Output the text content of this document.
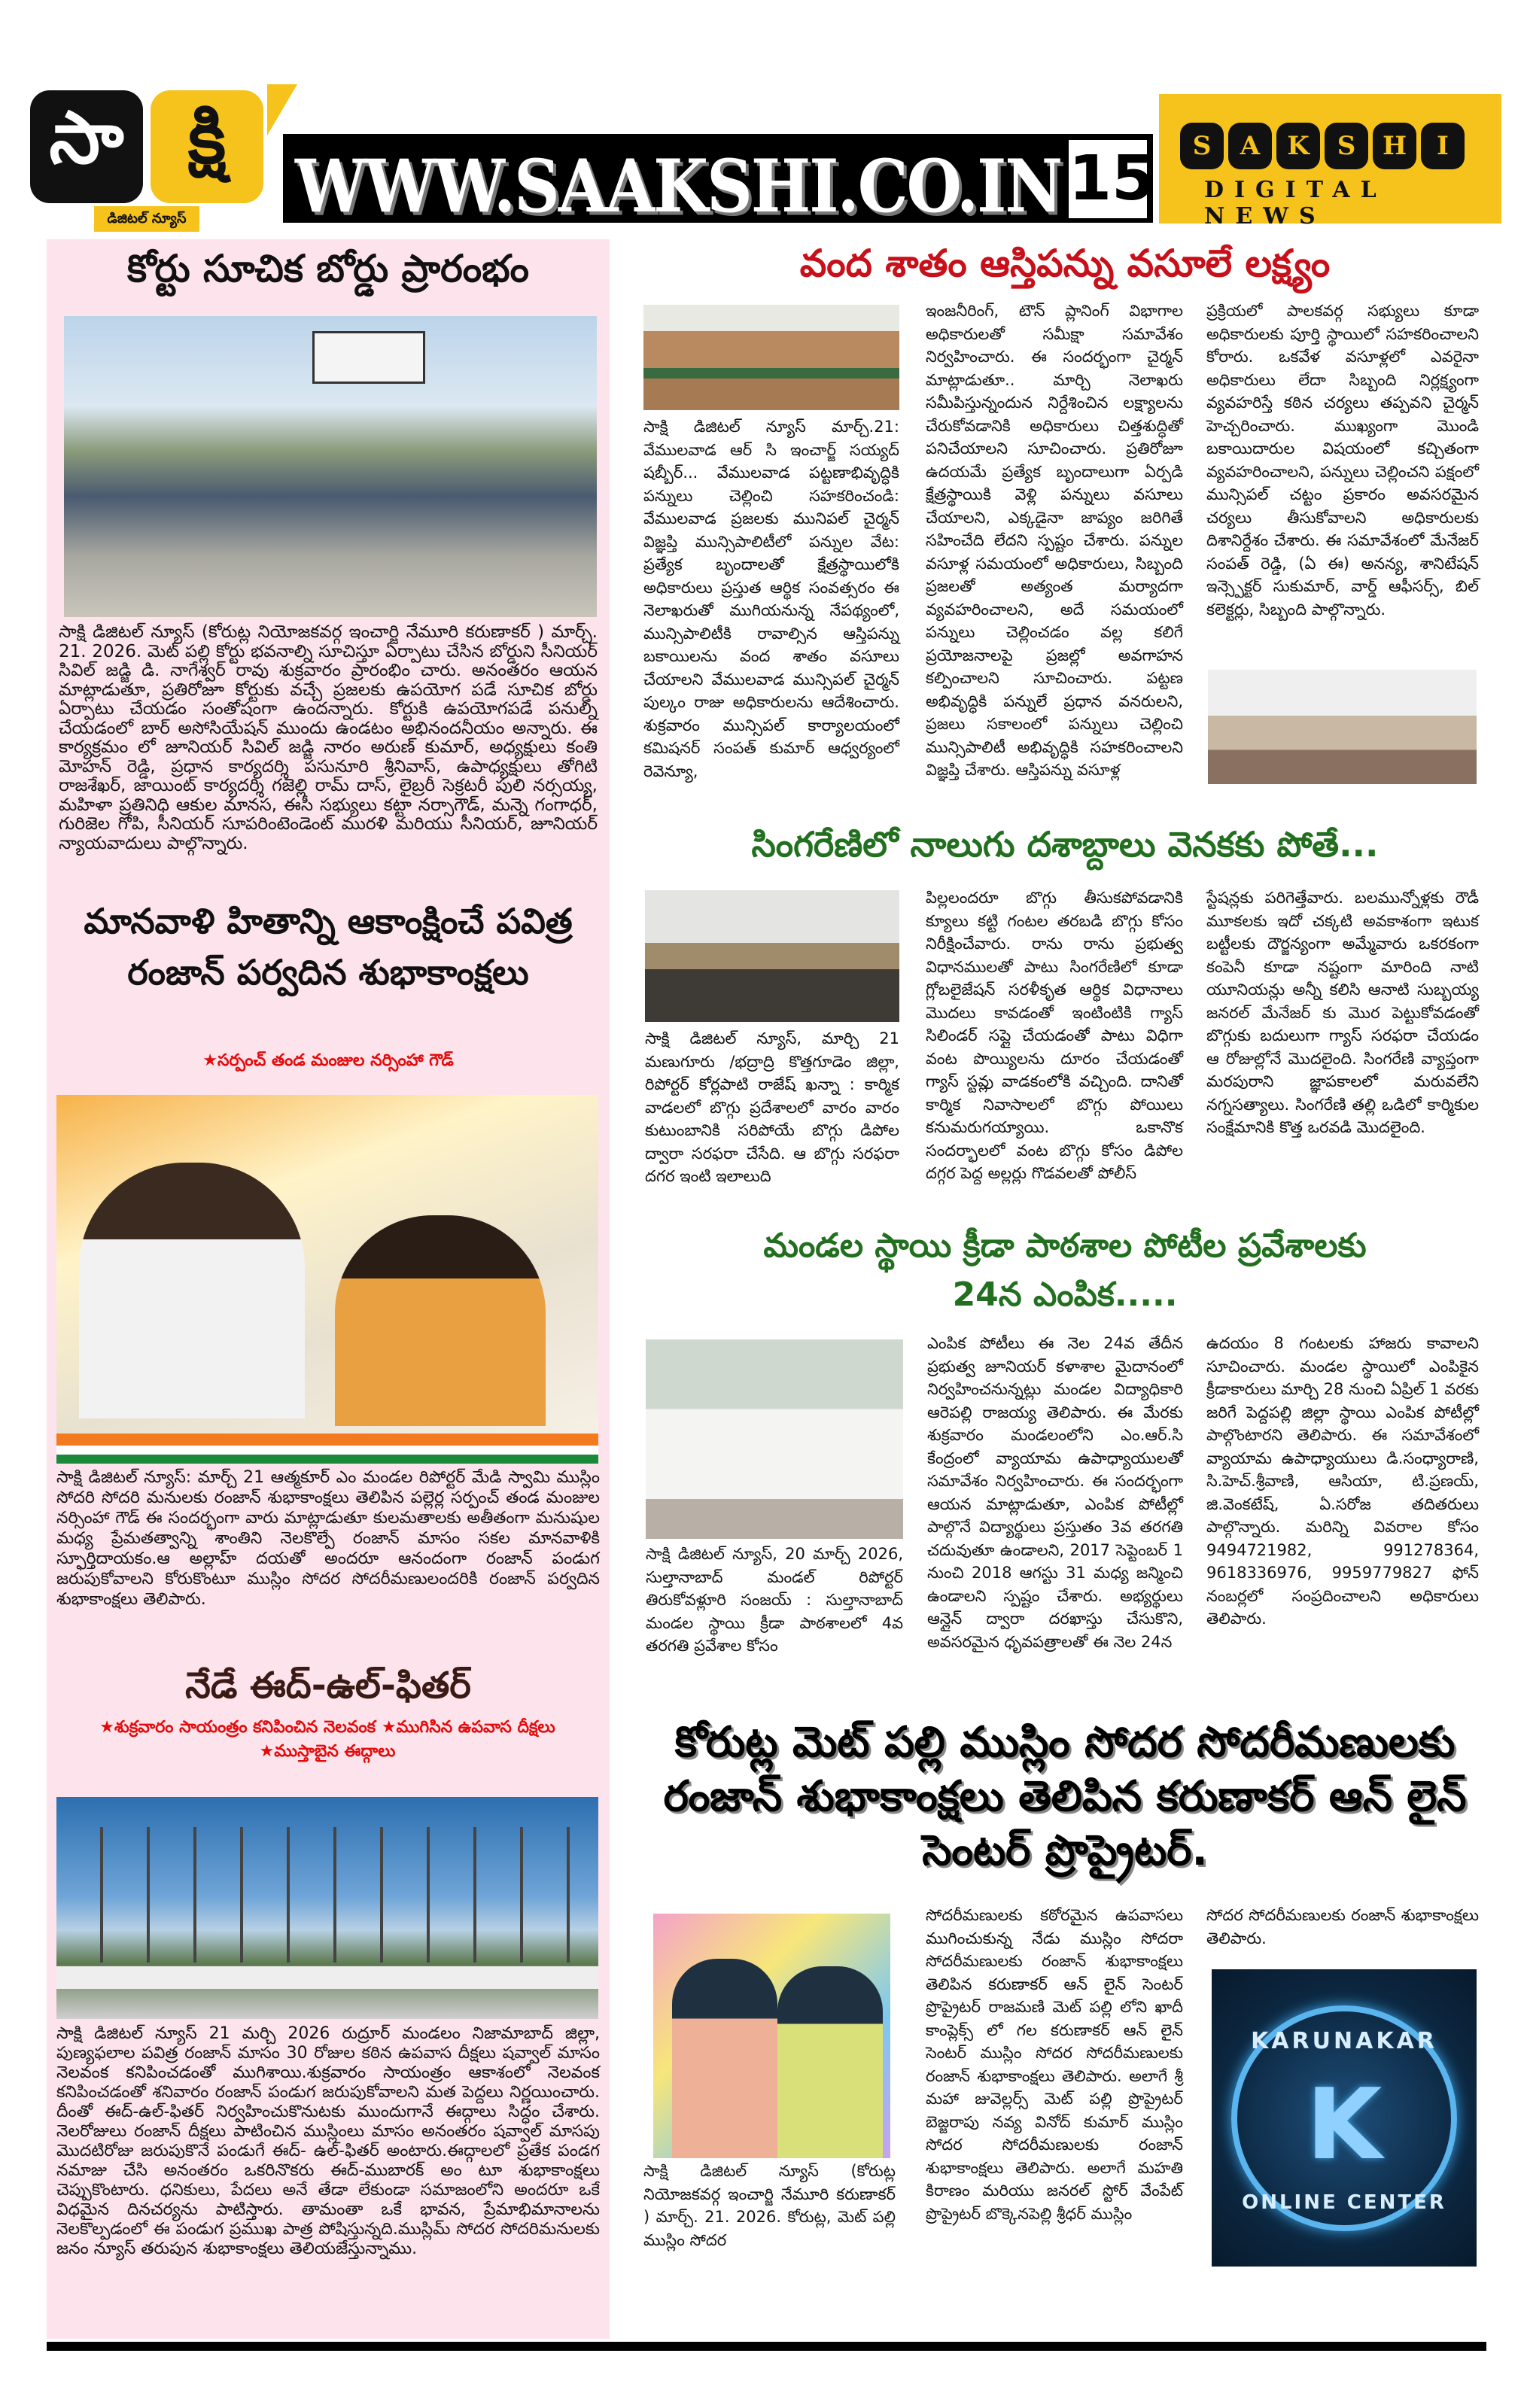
సా క్షి
డిజిటల్ న్యూస్ WWW.SAAKSHI.CO.IN 15	S	A	K	S	H	I
DIGITAL NEWS
కోర్టు సూచిక బోర్డు ప్రారంభం
సాక్షి డిజిటల్ న్యూస్ (కోరుట్ల నియోజకవర్గ ఇంచార్జి నేమూరి కరుణాకర్ ) మార్చ్. 21. 2026. మెట్ పల్లి కోర్టు భవనాల్ని సూచిస్తూ ఏర్పాటు చేసిన బోర్డుని సీనియర్ సివిల్ జడ్జి డి. నాగేశ్వర్ రావు శుక్రవారం ప్రారంభిం చారు. అనంతరం ఆయన మాట్లాడుతూ, ప్రతిరోజూ కోర్టుకు వచ్చే ప్రజలకు ఉపయోగ పడే సూచిక బోర్డు ఏర్పాటు చేయడం సంతోషంగా ఉందన్నారు. కోర్టుకి ఉపయోగపడే పనుల్ని చేయడంలో బార్ అసోసియేషన్ ముందు ఉండటం అభినందనీయం అన్నారు. ఈ కార్యక్రమం లో జూనియర్ సివిల్ జడ్జి నారం అరుణ్ కుమార్, అధ్యక్షులు కంతి మోహన్ రెడ్డి, ప్రధాన కార్యదర్శి పసునూరి శ్రీనివాస్, ఉపాధ్యక్షులు తోగిటి రాజశేఖర్, జాయింట్ కార్యదర్శి గజెల్లి రామ్ దాస్, లైబ్రరీ సెక్రటరీ పులి నర్సయ్య, మహిళా ప్రతినిధి ఆకుల మానస, ఈసీ సభ్యులు కట్టా నర్సాగౌడ్, మన్నె గంగాధర్, గురిజెల గోపి, సీనియర్ సూపరింటెండెంట్ మురళి మరియు సీనియర్, జూనియర్ న్యాయవాదులు పాల్గొన్నారు.
మానవాళి హితాన్ని ఆకాంక్షించే పవిత్ర రంజాన్ పర్వదిన శుభాకాంక్షలు
★సర్పంచ్ తండ మంజుల నర్సింహా గౌడ్
సాక్షి డిజిటల్ న్యూస్: మార్చ్ 21 ఆత్మకూర్ ఎం మండల రిపోర్టర్ మేడి స్వామి ముస్లిం సోదరి సోదరి మనులకు రంజాన్ శుభాకాంక్షలు తెలిపిన పల్లెర్ల సర్పంచ్ తండ మంజుల నర్సింహా గౌడ్ ఈ సందర్భంగా వారు మాట్లాడుతూ కులమతాలకు అతీతంగా మనుషుల మధ్య ప్రేమతత్వాన్ని శాంతిని నెలకొల్పే రంజాన్ మాసం సకల మానవాళికి స్ఫూర్తిదాయకం.ఆ అల్లాహ్ దయతో అందరూ ఆనందంగా రంజాన్ పండుగ జరుపుకోవాలని కోరుకొంటూ ముస్లిం సోదర సోదరీమణులందరికి రంజాన్ పర్వదిన శుభాకాంక్షలు తెలిపారు.
నేడే ఈద్-ఉల్-ఫితర్
★శుక్రవారం సాయంత్రం కనిపించిన నెలవంక ★ముగిసిన ఉపవాస దీక్షలు ★ముస్తాబైన ఈద్గాలు
సాక్షి డిజిటల్ న్యూస్ 21 మర్చి 2026 రుద్రూర్ మండలం నిజామాబాద్ జిల్లా, పుణ్యఫలాల పవిత్ర రంజాన్ మాసం 30 రోజుల కఠిన ఉపవాస దీక్షలు షవ్వాల్ మాసం నెలవంక కనిపించడంతో ముగిశాయి.శుక్రవారం సాయంత్రం ఆకాశంలో నెలవంక కనిపించడంతో శనివారం రంజాన్ పండుగ జరుపుకోవాలని మత పెద్దలు నిర్ణయించారు. దీంతో ఈద్-ఉల్-ఫితర్ నిర్వహించుకొనుటకు ముందుగానే ఈద్గాలు సిద్ధం చేశారు. నెలరోజులు రంజాన్ దీక్షలు పాటించిన ముస్లింలు మాసం అనంతరం షవ్వాల్ మాసపు మొదటిరోజు జరుపుకొనే పండుగే ఈద్- ఉల్-ఫితర్ అంటారు.ఈద్గాలలో ప్రతేక పండగ నమాజు చేసి అనంతరం ఒకరినొకరు ఈద్-ముబారక్ అం టూ శుభాకాంక్షలు చెప్పుకొంటారు. ధనికులు, పేదలు అనే తేడా లేకుండా సమాజంలోని అందరూ ఒకే విధమైన దినచర్యను పాటిస్తారు. తామంతా ఒకే భావన, ప్రేమాభిమానాలను నెలకొల్పడంలో ఈ పండుగ ప్రముఖ పాత్ర పోషిస్తున్నది.ముస్లిమ్ సోదర సోదరిమనులకు జనం న్యూస్ తరుపున శుభాకాంక్షలు తెలియజేస్తున్నాము.
వంద శాతం ఆస్తిపన్ను వసూలే లక్ష్యం
సాక్షి డిజిటల్ న్యూస్ మార్చ్.21: వేములవాడ ఆర్ సి ఇంచార్జ్ సయ్యద్ షబ్బీర్... వేములవాడ పట్టణాభివృద్ధికి పన్నులు చెల్లించి సహకరించండి: వేములవాడ ప్రజలకు మునిపల్ చైర్మన్ విజ్ఞప్తి మున్సిపాలిటీలో పన్నుల వేట: ప్రత్యేక బృందాలతో క్షేత్రస్థాయిలోకి అధికారులు ప్రస్తుత ఆర్థిక సంవత్సరం ఈ నెలాఖరుతో ముగియనున్న నేపథ్యంలో, మున్సిపాలిటీకి రావాల్సిన ఆస్తిపన్ను బకాయిలను వంద శాతం వసూలు చేయాలని వేములవాడ మున్సిపల్ చైర్మన్ పుల్కం రాజు అధికారులను ఆదేశించారు. శుక్రవారం మున్సిపల్ కార్యాలయంలో కమిషనర్ సంపత్ కుమార్ ఆధ్వర్యంలో రెవెన్యూ,
ఇంజనీరింగ్, టౌన్ ప్లానింగ్ విభాగాల అధికారులతో సమీక్షా సమావేశం నిర్వహించారు. ఈ సందర్భంగా చైర్మన్ మాట్లాడుతూ.. మార్చి నెలాఖరు సమీపిస్తున్నందున నిర్దేశించిన లక్ష్యాలను చేరుకోవడానికి అధికారులు చిత్తశుద్ధితో పనిచేయాలని సూచించారు. ప్రతిరోజూ ఉదయమే ప్రత్యేక బృందాలుగా ఏర్పడి క్షేత్రస్థాయికి వెళ్లి పన్నులు వసూలు చేయాలని, ఎక్కడైనా జాప్యం జరిగితే సహించేది లేదని స్పష్టం చేశారు. పన్నుల వసూళ్ల సమయంలో అధికారులు, సిబ్బంది ప్రజలతో అత్యంత మర్యాదగా వ్యవహరించాలని, అదే సమయంలో పన్నులు చెల్లించడం వల్ల కలిగే ప్రయోజనాలపై ప్రజల్లో అవగాహన కల్పించాలని సూచించారు. పట్టణ అభివృద్ధికి పన్నులే ప్రధాన వనరులని, ప్రజలు సకాలంలో పన్నులు చెల్లించి మున్సిపాలిటీ అభివృద్ధికి సహకరించాలని విజ్ఞప్తి చేశారు. ఆస్తిపన్ను వసూళ్ల
ప్రక్రియలో పాలకవర్గ సభ్యులు కూడా అధికారులకు పూర్తి స్థాయిలో సహకరించాలని కోరారు. ఒకవేళ వసూళ్లలో ఎవరైనా అధికారులు లేదా సిబ్బంది నిర్లక్ష్యంగా వ్యవహరిస్తే కఠిన చర్యలు తప్పవని చైర్మన్ హెచ్చరించారు. ముఖ్యంగా మొండి బకాయిదారుల విషయంలో కచ్చితంగా వ్యవహరించాలని, పన్నులు చెల్లించని పక్షంలో మున్సిపల్ చట్టం ప్రకారం అవసరమైన చర్యలు తీసుకోవాలని అధికారులకు దిశానిర్దేశం చేశారు. ఈ సమావేశంలో మేనేజర్ సంపత్ రెడ్డి, (ఏ ఈ) అనన్య, శానిటేషన్ ఇన్స్పెక్టర్ సుకుమార్, వార్డ్ ఆఫీసర్స్, బిల్ కలెక్టర్లు, సిబ్బంది పాల్గొన్నారు.
సింగరేణిలో నాలుగు దశాబ్దాలు వెనకకు పోతే...
సాక్షి డిజిటల్ న్యూస్, మార్చి 21 మణుగూరు /భద్రాద్రి కొత్తగూడెం జిల్లా, రిపోర్టర్ కోర్లపాటి రాజేష్ ఖన్నా : కార్మిక వాడలలో బొగ్గు ప్రదేశాలలో వారం వారం కుటుంబానికి సరిపోయే బొగ్గు డిపోల ద్వారా సరఫరా చేసేది. ఆ బొగ్గు సరఫరా దగర ఇంటి ఇలాలుది
పిల్లలందరూ బొగ్గు తీసుకపోవడానికి క్యూలు కట్టి గంటల తరబడి బొగ్గు కోసం నిరీక్షించేవారు. రాను రాను ప్రభుత్వ విధానములతో పాటు సింగరేణిలో కూడా గ్లోబలైజేషన్ సరళీకృత ఆర్థిక విధానాలు మొదలు కావడంతో ఇంటింటికి గ్యాస్ సిలిండర్ సప్లై చేయడంతో పాటు విధిగా వంట పొయ్యిలను దూరం చేయడంతో గ్యాస్ స్టవ్లు వాడకంలోకి వచ్చింది. దానితో కార్మిక నివాసాలలో బొగ్గు పోయిలు కనుమరుగయ్యాయి. ఒకానొక సందర్భాలలో వంట బొగ్గు కోసం డిపోల దగ్గర పెద్ద అల్లర్లు గొడవలతో పోలీస్
స్టేషన్లకు పరిగెత్తేవారు. బలమున్నోళ్లకు రౌడీ మూకలకు ఇదో చక్కటి అవకాశంగా ఇటుక బట్టీలకు దౌర్జన్యంగా అమ్మేవారు ఒకరకంగా కంపెనీ కూడా నష్టంగా మారింది నాటి యూనియన్లు అన్నీ కలిసి ఆనాటి సుబ్బయ్య జనరల్ మేనేజర్ కు మొర పెట్టుకోవడంతో బొగ్గుకు బదులుగా గ్యాస్ సరఫరా చేయడం ఆ రోజుల్లోనే మొదలైంది. సింగరేణి వ్యాప్తంగా మరపురాని జ్ఞాపకాలలో మరువలేని నగ్నసత్యాలు. సింగరేణి తల్లి ఒడిలో కార్మికుల సంక్షేమానికి కొత్త ఒరవడి మొదలైంది.
మండల స్థాయి క్రీడా పాఠశాల పోటీల ప్రవేశాలకు
24న ఎంపిక.....
సాక్షి డిజిటల్ న్యూస్, 20 మార్చ్ 2026, సుల్తానాబాద్ మండల్ రిపోర్టర్ తిరుకోవళ్లూరి సంజయ్ : సుల్తానాబాద్ మండల స్థాయి క్రీడా పాఠశాలలో 4వ తరగతి ప్రవేశాల కోసం
ఎంపిక పోటీలు ఈ నెల 24వ తేదీన ప్రభుత్వ జూనియర్ కళాశాల మైదానంలో నిర్వహించనున్నట్లు మండల విద్యాధికారి ఆరెపల్లి రాజయ్య తెలిపారు. ఈ మేరకు శుక్రవారం మండలంలోని ఎం.ఆర్.సి కేంద్రంలో వ్యాయామ ఉపాధ్యాయులతో సమావేశం నిర్వహించారు. ఈ సందర్భంగా ఆయన మాట్లాడుతూ, ఎంపిక పోటీల్లో పాల్గొనే విద్యార్థులు ప్రస్తుతం 3వ తరగతి చదువుతూ ఉండాలని, 2017 సెప్టెంబర్ 1 నుంచి 2018 ఆగస్టు 31 మధ్య జన్మించి ఉండాలని స్పష్టం చేశారు. అభ్యర్థులు ఆన్లైన్ ద్వారా దరఖాస్తు చేసుకొని, అవసరమైన ధృవపత్రాలతో ఈ నెల 24న
ఉదయం 8 గంటలకు హాజరు కావాలని సూచించారు. మండల స్థాయిలో ఎంపికైన క్రీడాకారులు మార్చి 28 నుంచి ఏప్రిల్ 1 వరకు జరిగే పెద్దపల్లి జిల్లా స్థాయి ఎంపిక పోటీల్లో పాల్గొంటారని తెలిపారు. ఈ సమావేశంలో వ్యాయామ ఉపాధ్యాయులు డి.సంధ్యారాణి, సి.హెచ్.శ్రీవాణి, ఆసియా, టి.ప్రణయ్, జి.వెంకటేష్, ఏ.సరోజ తదితరులు పాల్గొన్నారు. మరిన్ని వివరాల కోసం 9494721982, 991278364, 9618336976, 9959779827 ఫోన్ నంబర్లలో సంప్రదించాలని అధికారులు తెలిపారు.
కోరుట్ల మెట్ పల్లి ముస్లిం సోదర సోదరీమణులకు రంజాన్ శుభాకాంక్షలు తెలిపిన కరుణాకర్ ఆన్ లైన్ సెంటర్ ప్రొప్రైటర్.
సాక్షి డిజిటల్ న్యూస్ (కోరుట్ల నియోజకవర్గ ఇంచార్జి నేమూరి కరుణాకర్ ) మార్చ్. 21. 2026. కోరుట్ల, మెట్ పల్లి ముస్లిం సోదర
సోదరీమణులకు కఠోరమైన ఉపవాసలు ముగించుకున్న నేడు ముస్లిం సోదరా సోదరీమణులకు రంజాన్ శుభాకాంక్షలు తెలిపిన కరుణాకర్ ఆన్ లైన్ సెంటర్ ప్రొప్రైటర్ రాజమణి మెట్ పల్లి లోని ఖాదీ కాంప్లెక్స్ లో గల కరుణాకర్ ఆన్ లైన్ సెంటర్ ముస్లిం సోదర సోదరీమణులకు రంజాన్ శుభాకాంక్షలు తెలిపారు. అలాగే శ్రీ మహా జువెల్లర్స్ మెట్ పల్లి ప్రొప్రైటర్ బెజ్జరాపు నవ్య వినోద్ కుమార్ ముస్లిం సోదర సోదరీమణులకు రంజాన్ శుభాకాంక్షలు తెలిపారు. అలాగే మహతి కిరాణం మరియు జనరల్ స్టోర్ వేంపేట్ ప్రొప్రైటర్ బొక్కెనపెల్లి శ్రీధర్ ముస్లిం
సోదర సోదరీమణులకు రంజాన్ శుభాకాంక్షలు తెలిపారు.
KARUNAKAR
K
ONLINE CENTER
